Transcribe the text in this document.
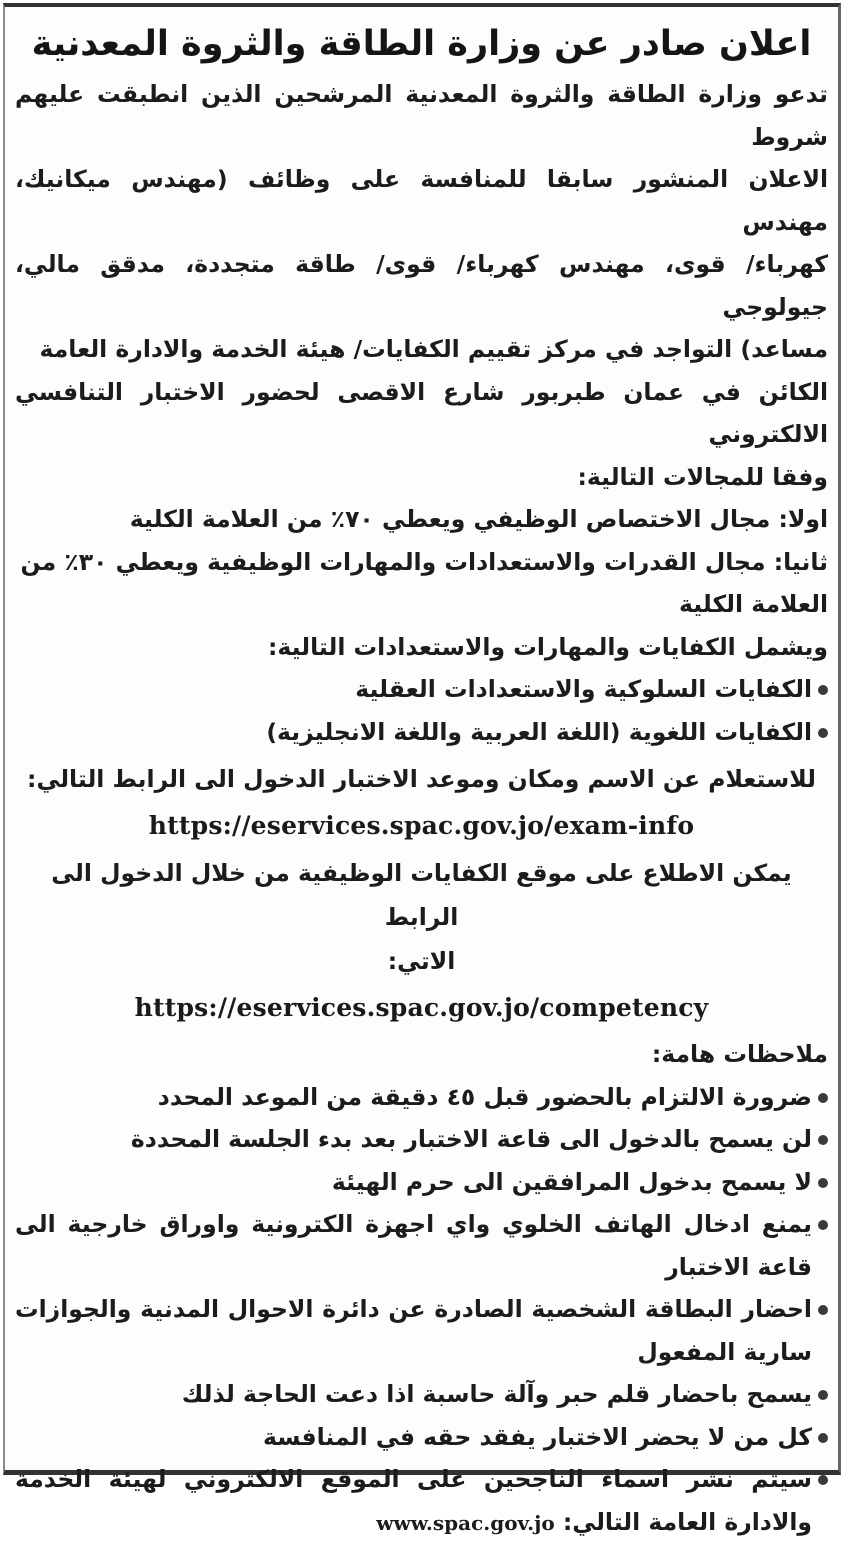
اعلان صادر عن وزارة الطاقة والثروة المعدنية
تدعو وزارة الطاقة والثروة المعدنية المرشحين الذين انطبقت عليهم شروط
الاعلان المنشور سابقا للمنافسة على وظائف (مهندس ميكانيك، مهندس
كهرباء/ قوى، مهندس كهرباء/ قوى/ طاقة متجددة، مدقق مالي، جيولوجي
مساعد) التواجد في مركز تقييم الكفايات/ هيئة الخدمة والادارة العامة
الكائن في عمان طبربور شارع الاقصى لحضور الاختبار التنافسي الالكتروني
وفقا للمجالات التالية:
اولا: مجال الاختصاص الوظيفي ويعطي ٧٠٪ من العلامة الكلية
ثانيا: مجال القدرات والاستعدادات والمهارات الوظيفية ويعطي ٣٠٪ من
العلامة الكلية
ويشمل الكفايات والمهارات والاستعدادات التالية:
الكفايات السلوكية والاستعدادات العقلية
الكفايات اللغوية (اللغة العربية واللغة الانجليزية)
للاستعلام عن الاسم ومكان وموعد الاختبار الدخول الى الرابط التالي:
https://eservices.spac.gov.jo/exam-info
يمكن الاطلاع على موقع الكفايات الوظيفية من خلال الدخول الى الرابط
الاتي:
https://eservices.spac.gov.jo/competency
ملاحظات هامة:
ضرورة الالتزام بالحضور قبل ٤٥ دقيقة من الموعد المحدد
لن يسمح بالدخول الى قاعة الاختبار بعد بدء الجلسة المحددة
لا يسمح بدخول المرافقين الى حرم الهيئة
يمنع ادخال الهاتف الخلوي واي اجهزة الكترونية واوراق خارجية الى قاعة الاختبار
احضار البطاقة الشخصية الصادرة عن دائرة الاحوال المدنية والجوازات سارية المفعول
يسمح باحضار قلم حبر وآلة حاسبة اذا دعت الحاجة لذلك
كل من لا يحضر الاختبار يفقد حقه في المنافسة
سيتم نشر اسماء الناجحين على الموقع الالكتروني لهيئة الخدمة والادارة العامة التالي: www.spac.gov.jo
